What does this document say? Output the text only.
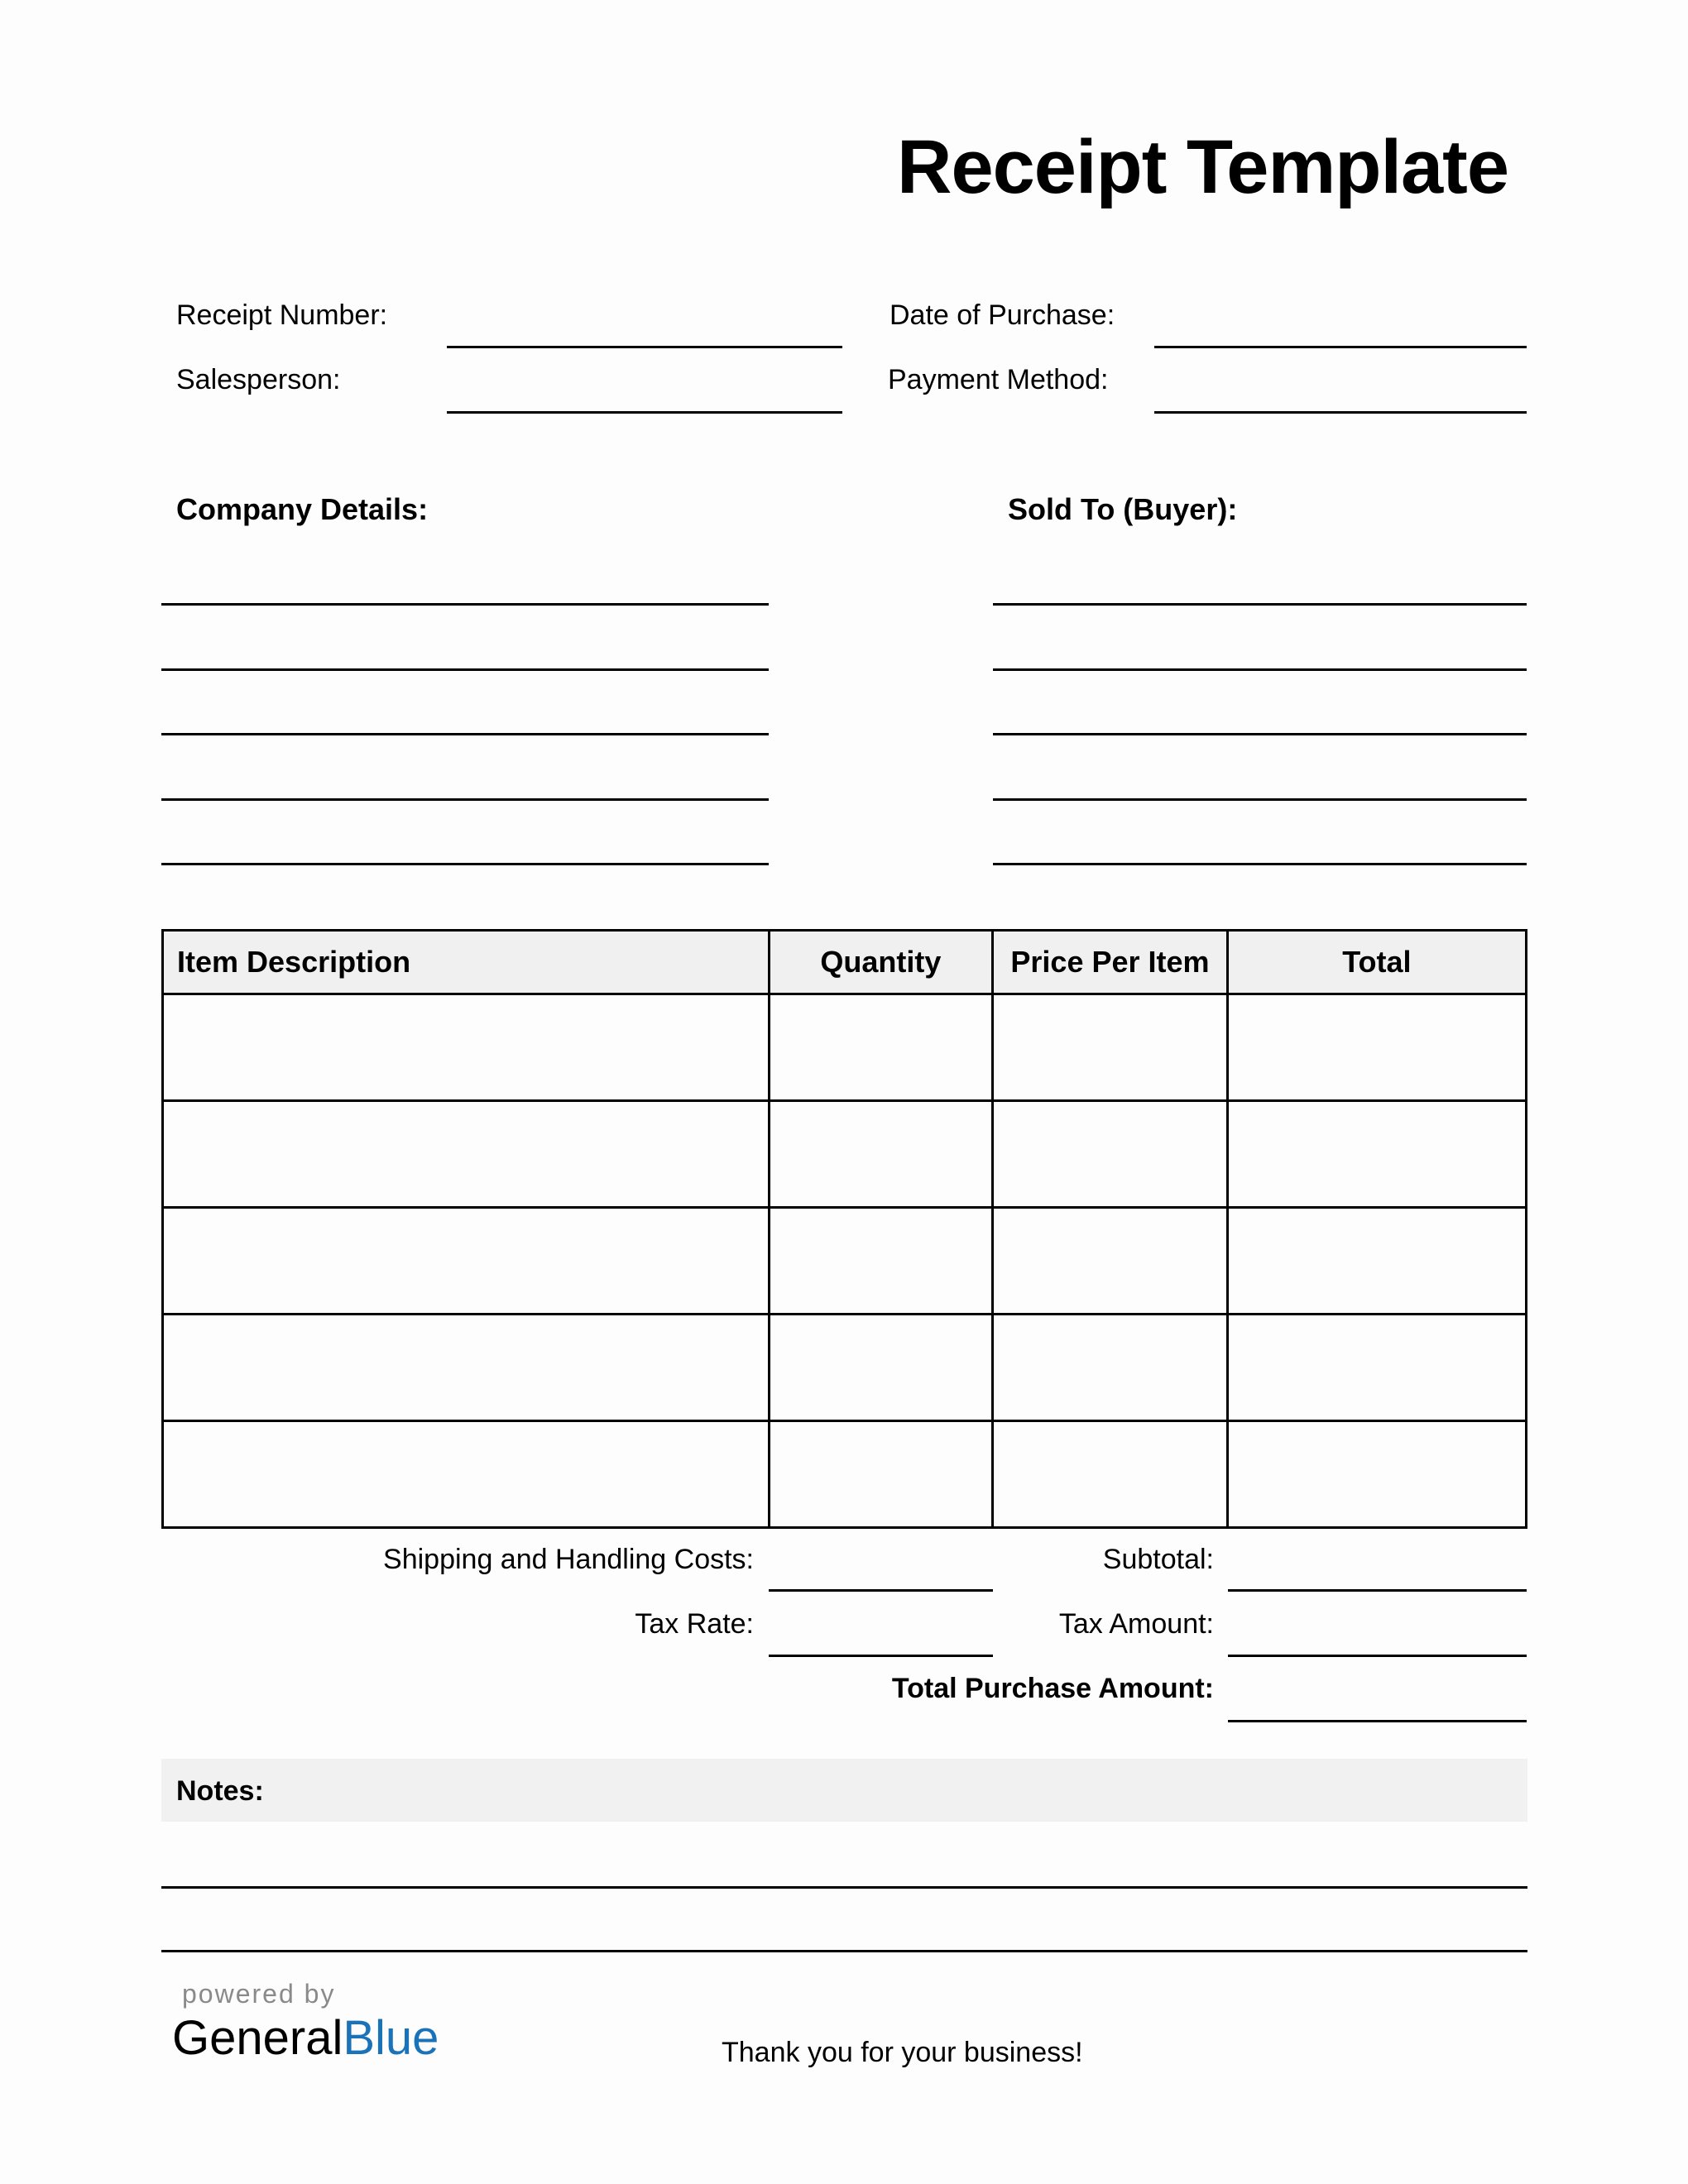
Receipt Template
Receipt Number:
Salesperson:
Date of Purchase:
Payment Method:
Company Details:	Sold To (Buyer):
Item Description	Quantity	Price Per Item	Total

Shipping and Handling Costs:
Tax Rate:
Subtotal:
Tax Amount:
Total Purchase Amount:
Notes:
powered by
GeneralBlue	Thank you for your business!
